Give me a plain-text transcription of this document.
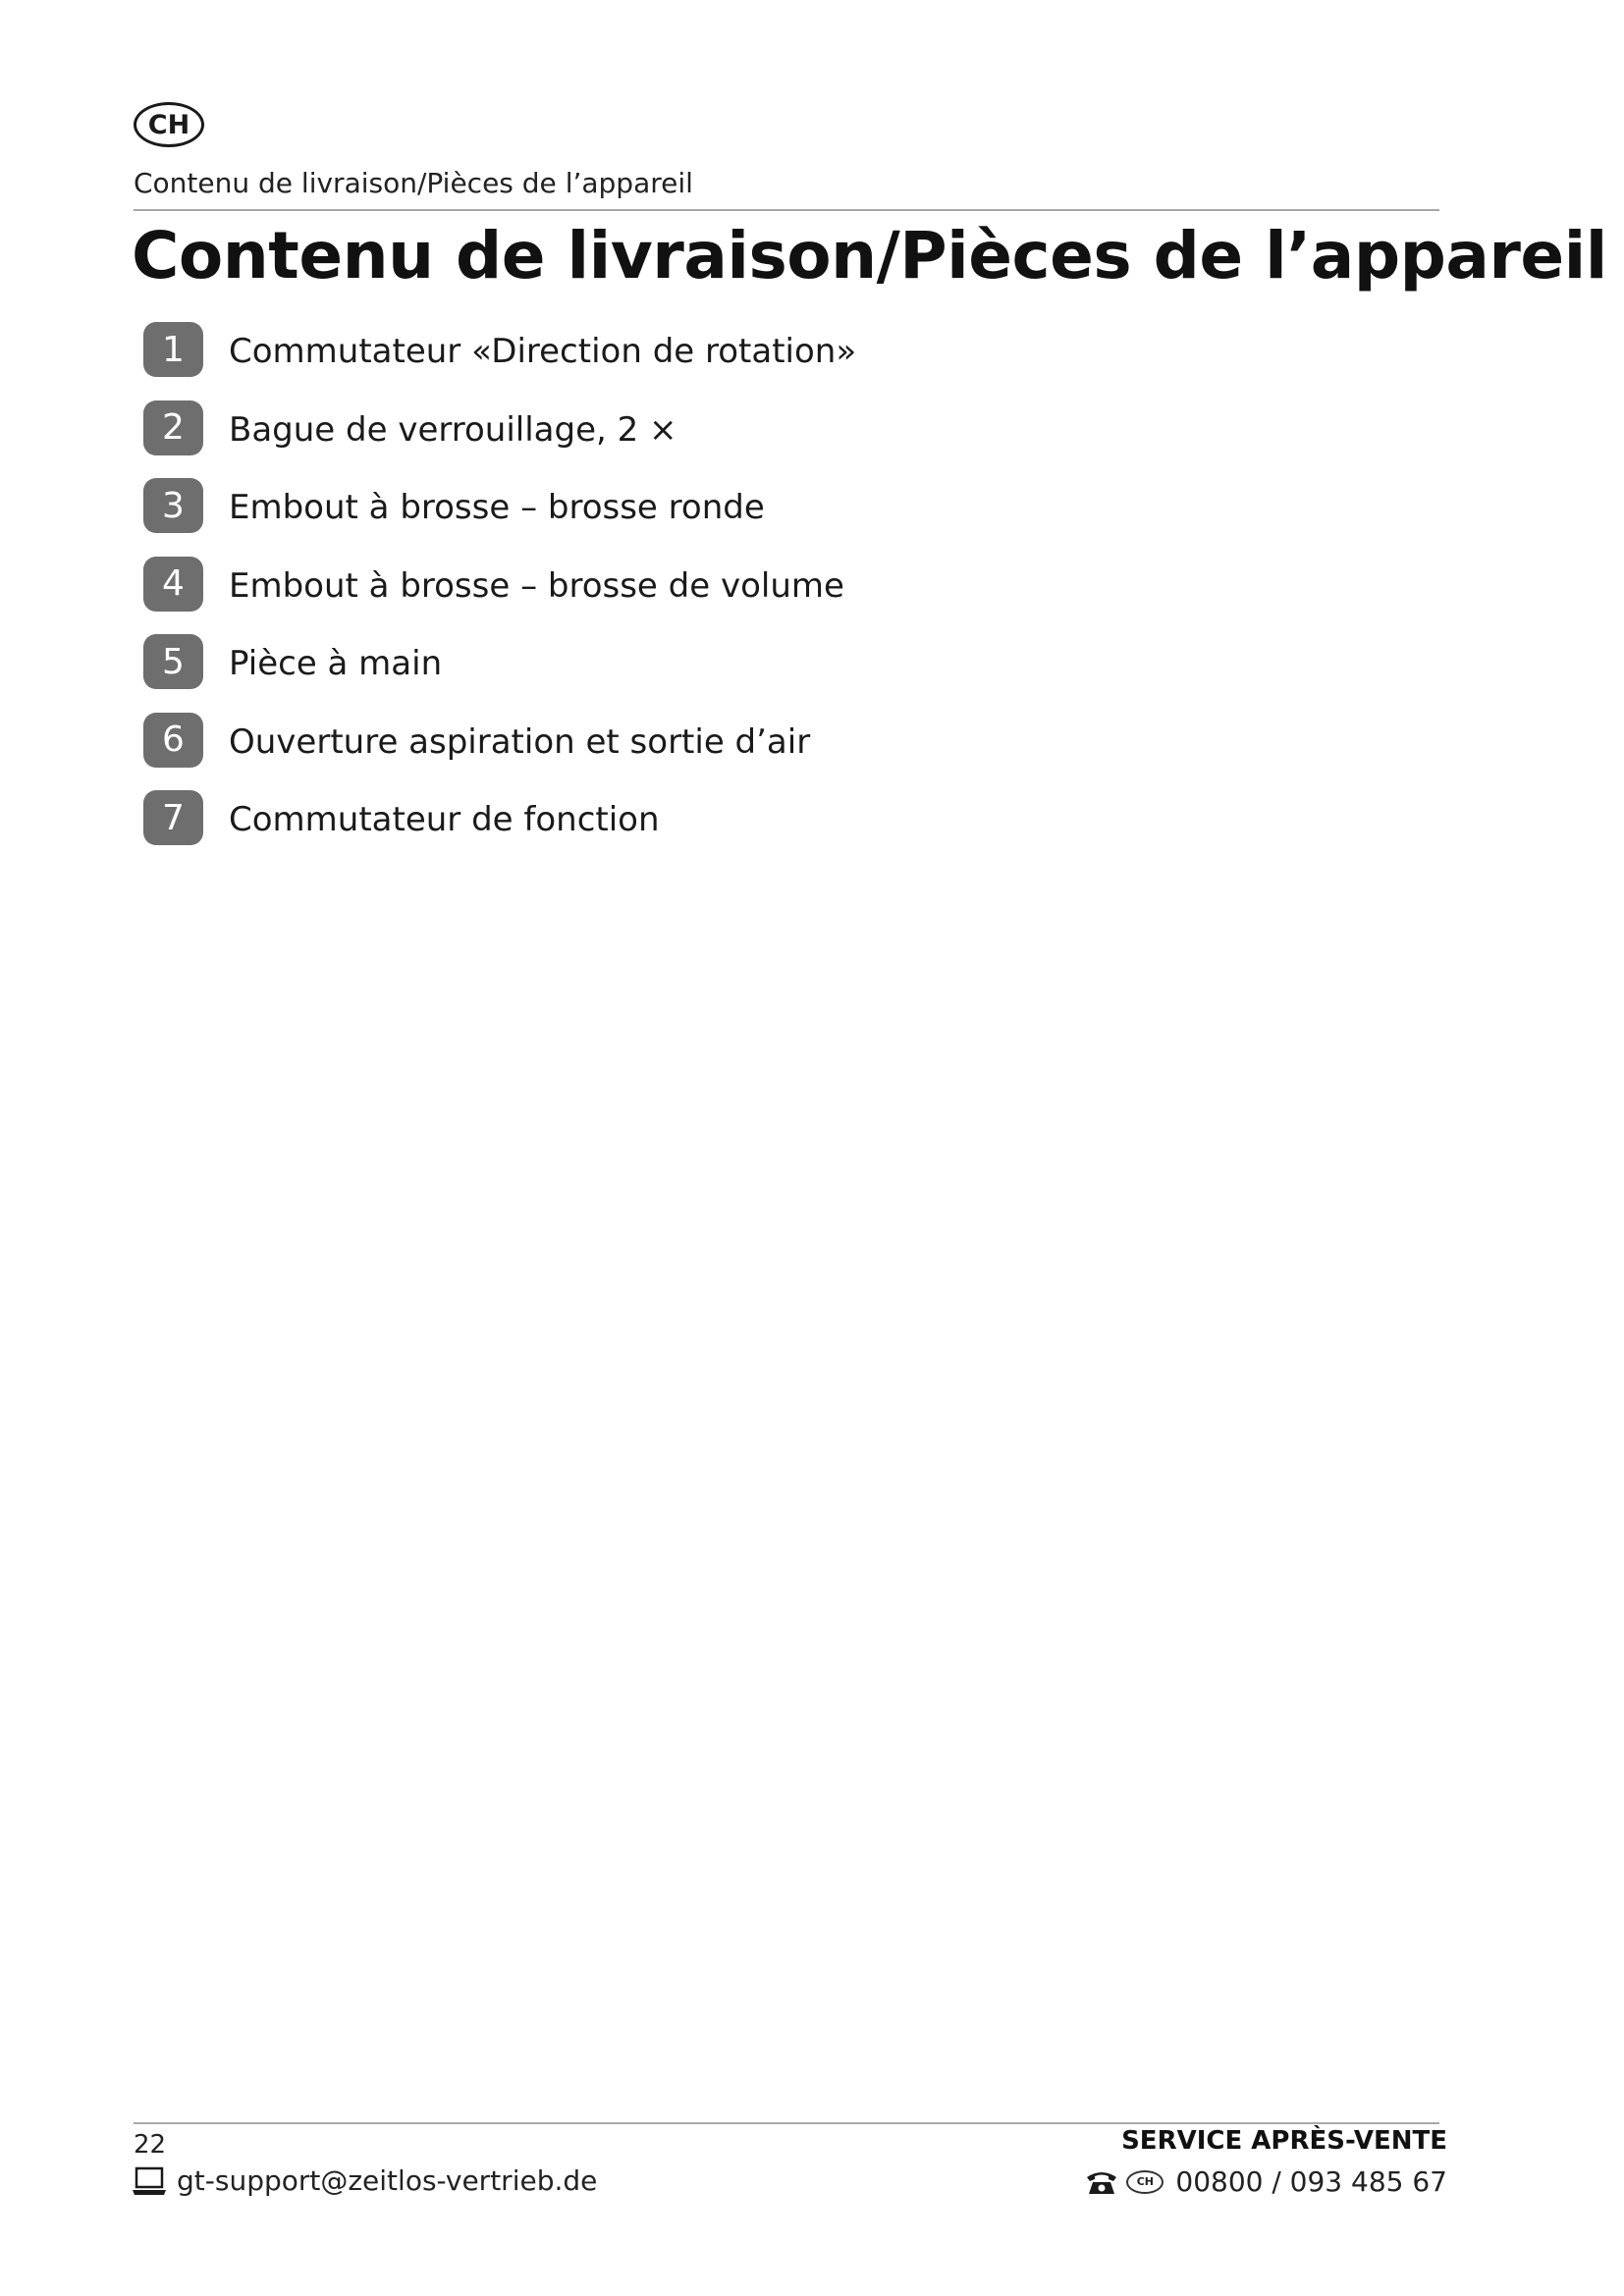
CH
Contenu de livraison/Pièces de l’appareil
Contenu de livraison/Pièces de l’appareil
1	Commutateur «Direction de rotation»
2	Bague de verrouillage, 2 ×
3	Embout à brosse – brosse ronde
4	Embout à brosse – brosse de volume
5	Pièce à main
6	Ouverture aspiration et sortie d’air
7	Commutateur de fonction
22
gt-support@zeitlos-vertrieb.de
SERVICE APRÈS-VENTE
CH 00800 / 093 485 67
